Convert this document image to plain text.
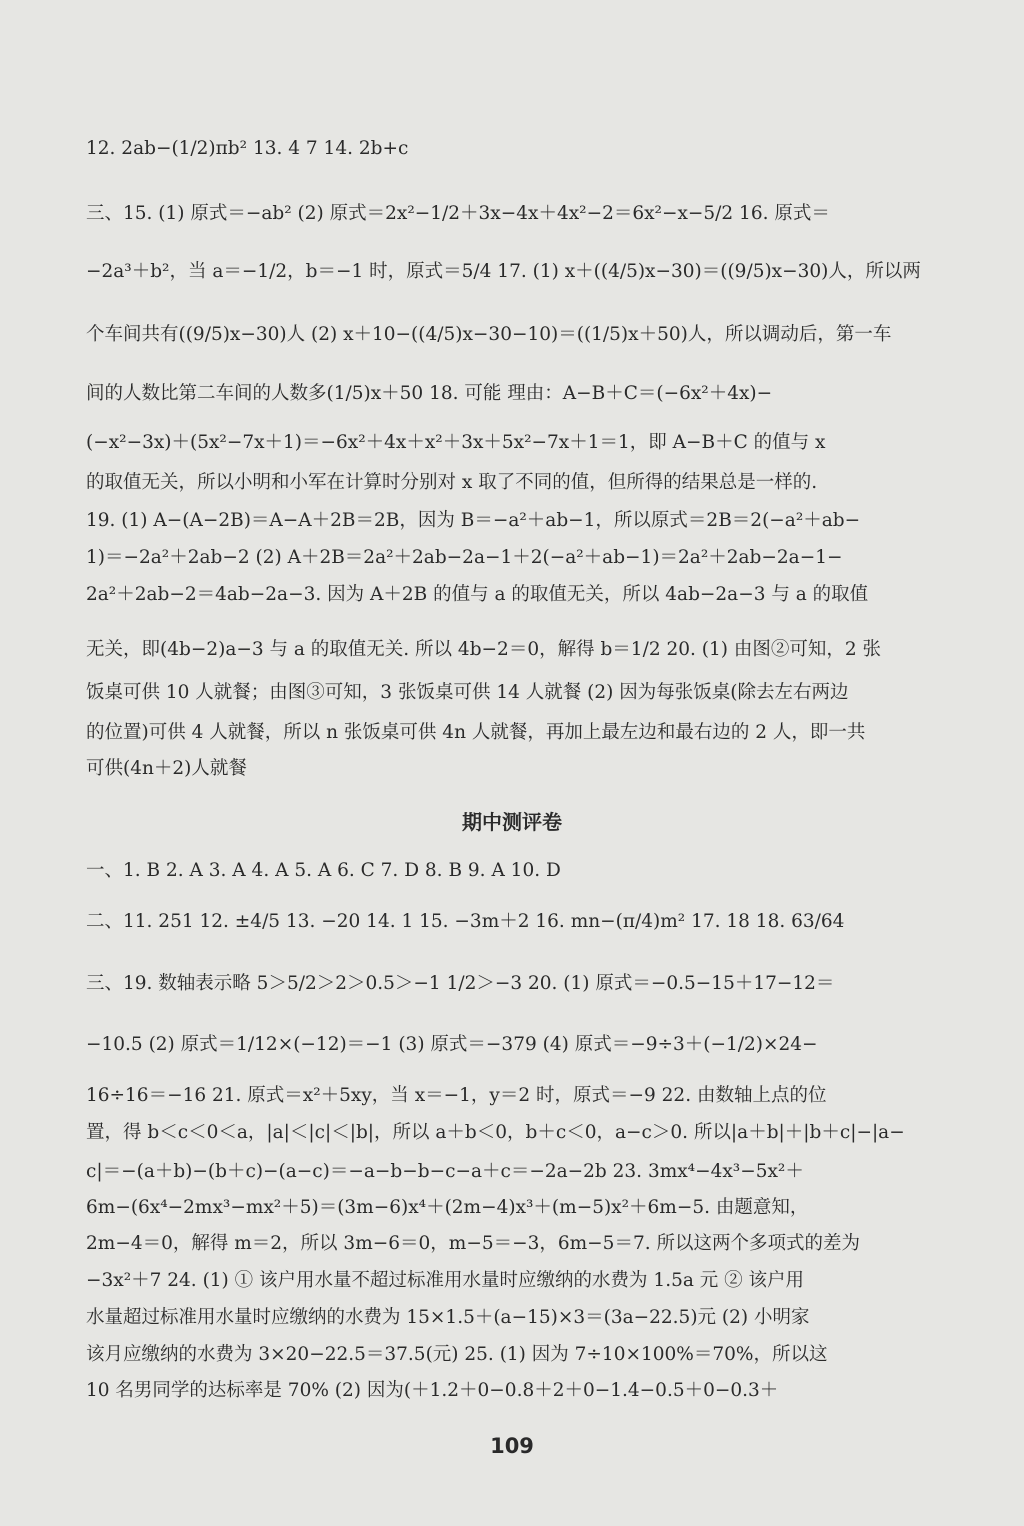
12. 2ab−(1/2)πb² 13. 4 7 14. 2b+c
三、15. (1) 原式＝−ab² (2) 原式＝2x²−1/2＋3x−4x＋4x²−2＝6x²−x−5/2 16. 原式＝
−2a³＋b²，当 a＝−1/2，b＝−1 时，原式＝5/4 17. (1) x＋((4/5)x−30)＝((9/5)x−30)人，所以两
个车间共有((9/5)x−30)人 (2) x＋10−((4/5)x−30−10)＝((1/5)x＋50)人，所以调动后，第一车
间的人数比第二车间的人数多(1/5)x＋50 18. 可能 理由：A−B＋C＝(−6x²＋4x)−
(−x²−3x)＋(5x²−7x＋1)＝−6x²＋4x＋x²＋3x＋5x²−7x＋1＝1，即 A−B＋C 的值与 x
的取值无关，所以小明和小军在计算时分别对 x 取了不同的值，但所得的结果总是一样的.
19. (1) A−(A−2B)＝A−A＋2B＝2B，因为 B＝−a²＋ab−1，所以原式＝2B＝2(−a²＋ab−
1)＝−2a²＋2ab−2 (2) A＋2B＝2a²＋2ab−2a−1＋2(−a²＋ab−1)＝2a²＋2ab−2a−1−
2a²＋2ab−2＝4ab−2a−3. 因为 A＋2B 的值与 a 的取值无关，所以 4ab−2a−3 与 a 的取值
无关，即(4b−2)a−3 与 a 的取值无关. 所以 4b−2＝0，解得 b＝1/2 20. (1) 由图②可知，2 张
饭桌可供 10 人就餐；由图③可知，3 张饭桌可供 14 人就餐 (2) 因为每张饭桌(除去左右两边
的位置)可供 4 人就餐，所以 n 张饭桌可供 4n 人就餐，再加上最左边和最右边的 2 人，即一共
可供(4n＋2)人就餐
期中测评卷
一、1. B 2. A 3. A 4. A 5. A 6. C 7. D 8. B 9. A 10. D
二、11. 251 12. ±4/5 13. −20 14. 1 15. −3m＋2 16. mn−(π/4)m² 17. 18 18. 63/64
三、19. 数轴表示略 5＞5/2＞2＞0.5＞−1 1/2＞−3 20. (1) 原式＝−0.5−15＋17−12＝
−10.5 (2) 原式＝1/12×(−12)＝−1 (3) 原式＝−379 (4) 原式＝−9÷3＋(−1/2)×24−
16÷16＝−16 21. 原式＝x²＋5xy，当 x＝−1，y＝2 时，原式＝−9 22. 由数轴上点的位
置，得 b＜c＜0＜a，|a|＜|c|＜|b|，所以 a＋b＜0，b＋c＜0，a−c＞0. 所以|a＋b|＋|b＋c|−|a−
c|＝−(a＋b)−(b＋c)−(a−c)＝−a−b−b−c−a＋c＝−2a−2b 23. 3mx⁴−4x³−5x²＋
6m−(6x⁴−2mx³−mx²＋5)＝(3m−6)x⁴＋(2m−4)x³＋(m−5)x²＋6m−5. 由题意知，
2m−4＝0，解得 m＝2，所以 3m−6＝0，m−5＝−3，6m−5＝7. 所以这两个多项式的差为
−3x²＋7 24. (1) ① 该户用水量不超过标准用水量时应缴纳的水费为 1.5a 元 ② 该户用
水量超过标准用水量时应缴纳的水费为 15×1.5＋(a−15)×3＝(3a−22.5)元 (2) 小明家
该月应缴纳的水费为 3×20−22.5＝37.5(元) 25. (1) 因为 7÷10×100%＝70%，所以这
10 名男同学的达标率是 70% (2) 因为(＋1.2＋0−0.8＋2＋0−1.4−0.5＋0−0.3＋
109
